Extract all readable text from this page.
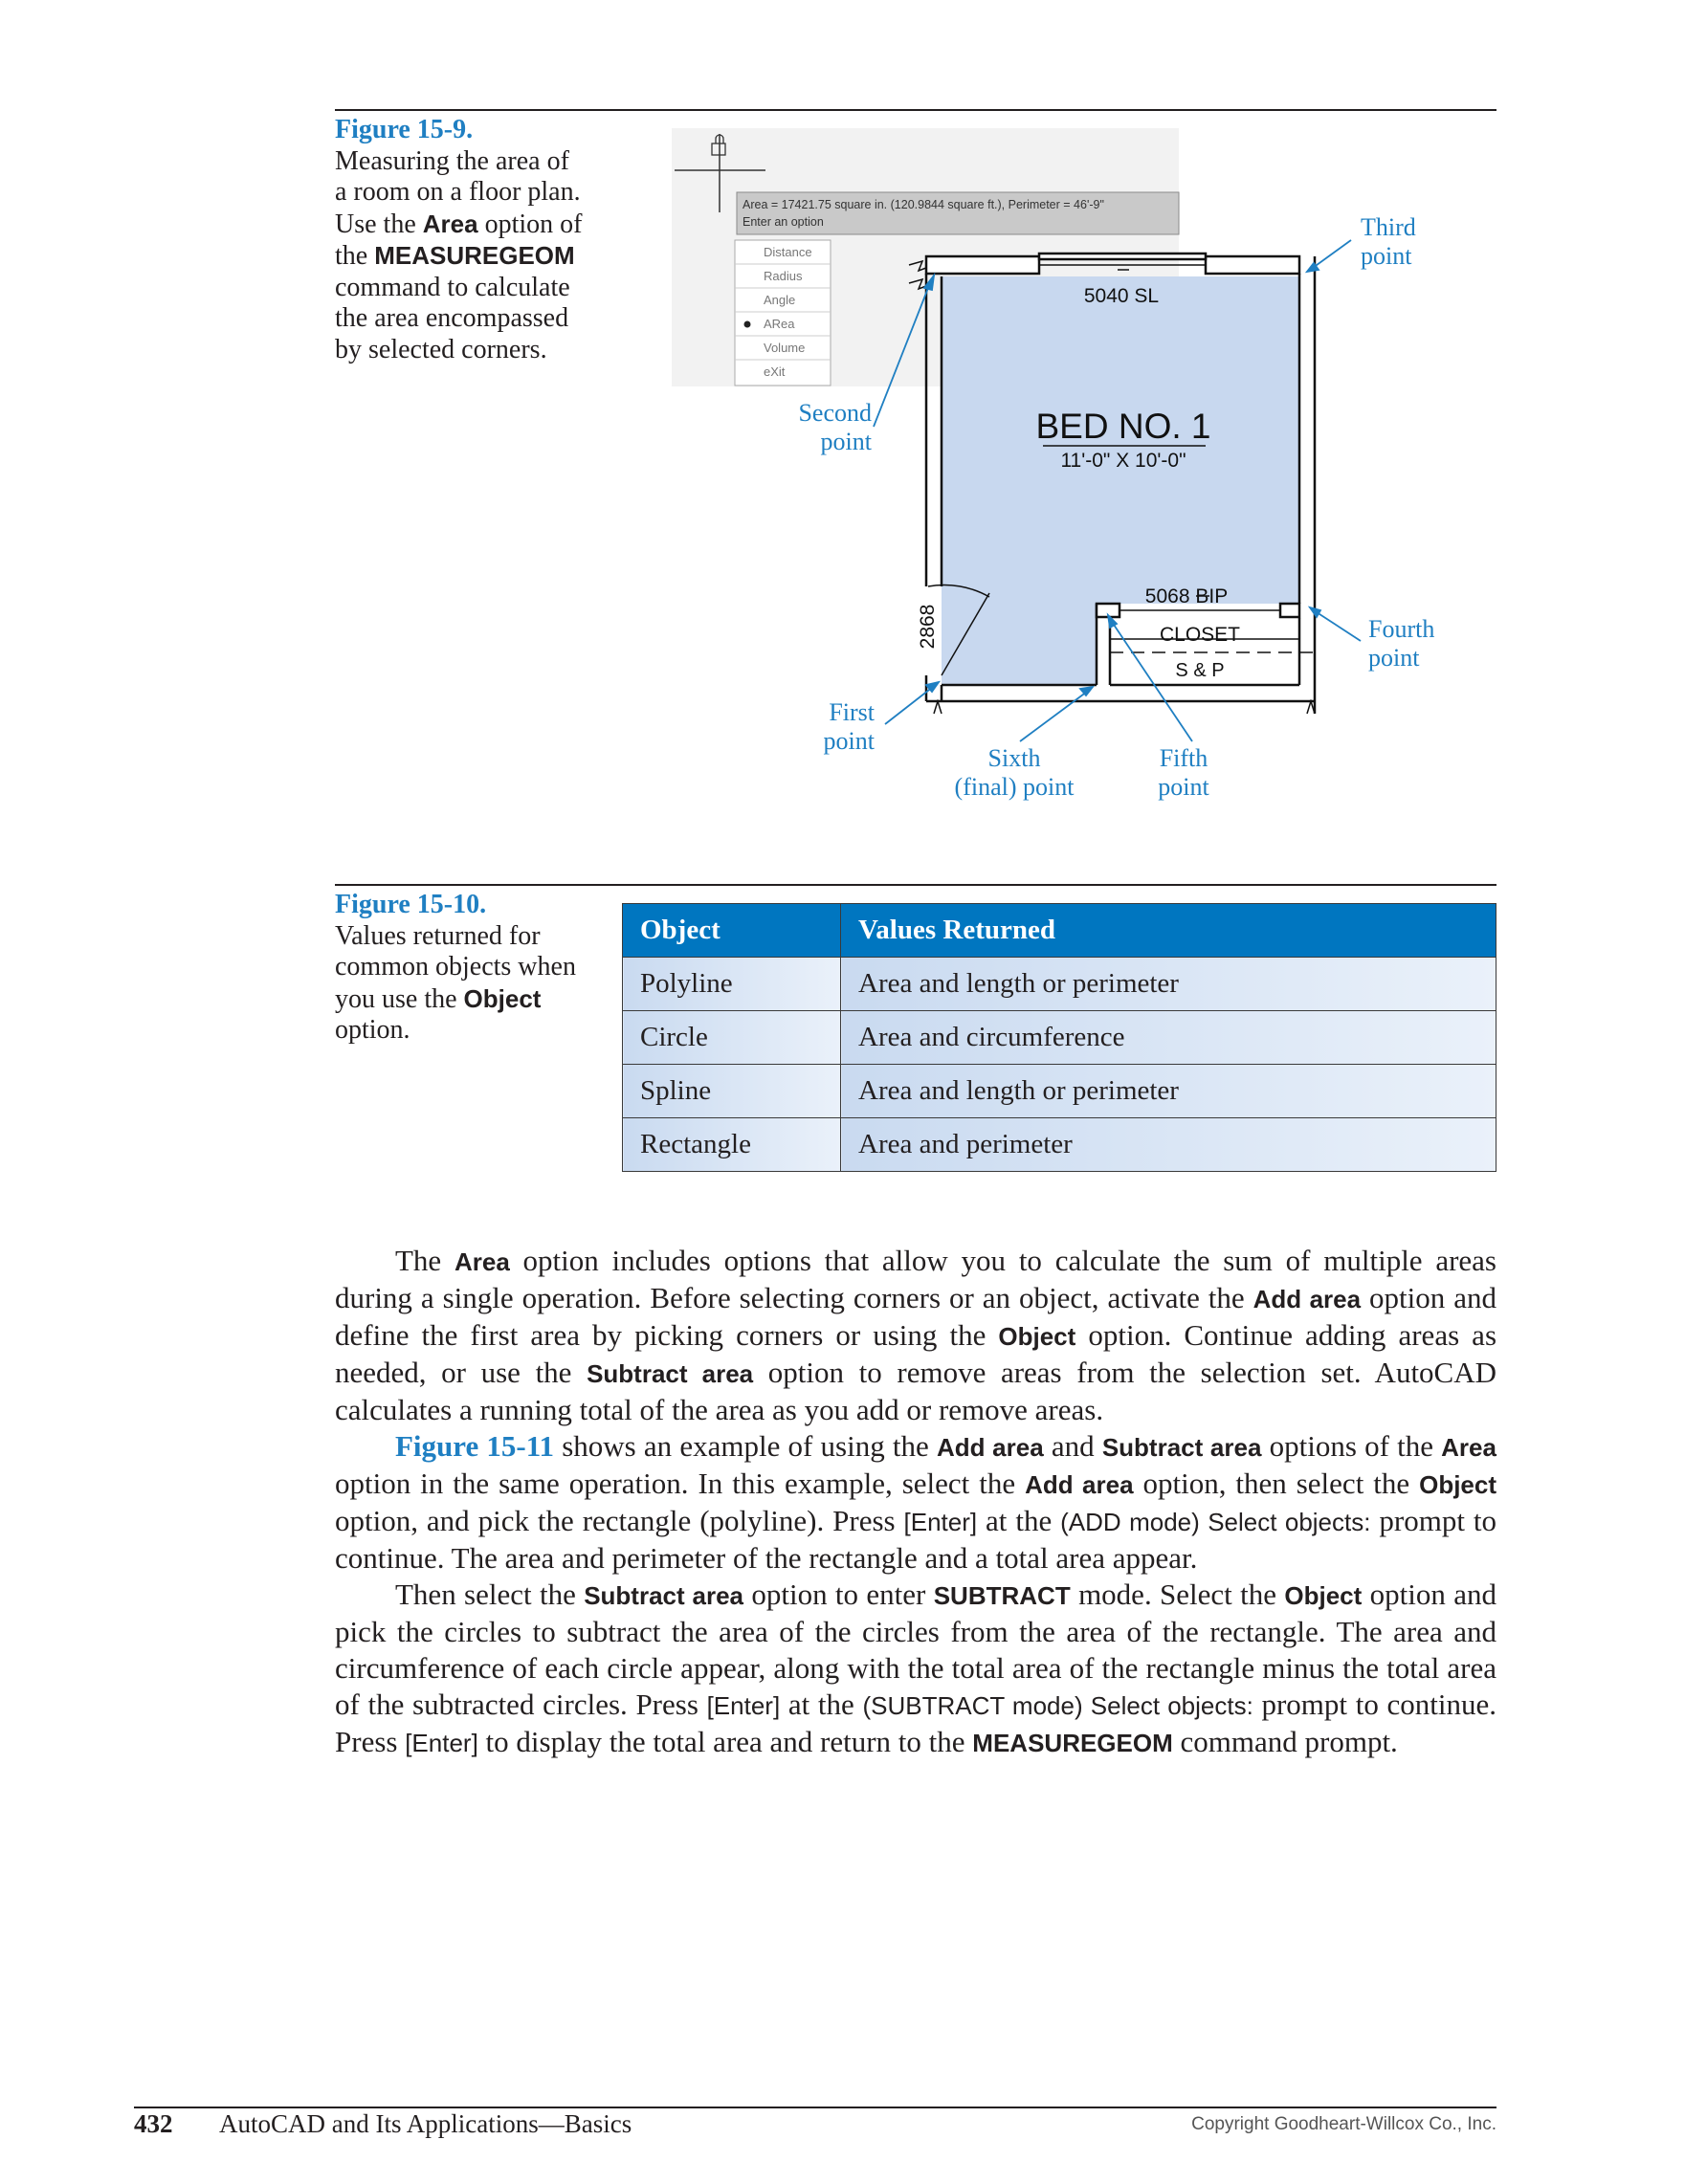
Figure 15-9.
Measuring the area of a room on a floor plan. Use the Area option of the MEASUREGEOM command to calculate the area encompassed by selected corners.
Area = 17421.75 square in. (120.9844 square ft.), Perimeter = 46'-9"
Enter an option
Distance
Radius
Angle
ARea
Volume
eXit
5040 SL
BED NO. 1
11'-0" X 10'-0"
5068 BIP
CLOSET
S & P
2868
Second
point
Third
point
Fourth
point
First
point
Sixth
(final) point
Fifth
point
Figure 15-10.
Values returned for common objects when you use the Object option.
Object	Values Returned
Polyline	Area and length or perimeter
Circle	Area and circumference
Spline	Area and length or perimeter
Rectangle	Area and perimeter

The Area option includes options that allow you to calculate the sum of multiple areas during a single operation. Before selecting corners or an object, activate the Add area option and define the first area by picking corners or using the Object option. Continue adding areas as needed, or use the Subtract area option to remove areas from the selection set. AutoCAD calculates a running total of the area as you add or remove areas.

Figure 15-11 shows an example of using the Add area and Subtract area options of the Area option in the same operation. In this example, select the Add area option, then select the Object option, and pick the rectangle (polyline). Press [Enter] at the (ADD mode) Select objects: prompt to continue. The area and perimeter of the rectangle and a total area appear.

Then select the Subtract area option to enter SUBTRACT mode. Select the Object option and pick the circles to subtract the area of the circles from the area of the rectangle. The area and circumference of each circle appear, along with the total area of the rectangle minus the total area of the subtracted circles. Press [Enter] at the (SUBTRACT mode) Select objects: prompt to continue. Press [Enter] to display the total area and return to the MEASUREGEOM command prompt.

432 AutoCAD and Its Applications—Basics	Copyright Goodheart-Willcox Co., Inc.
